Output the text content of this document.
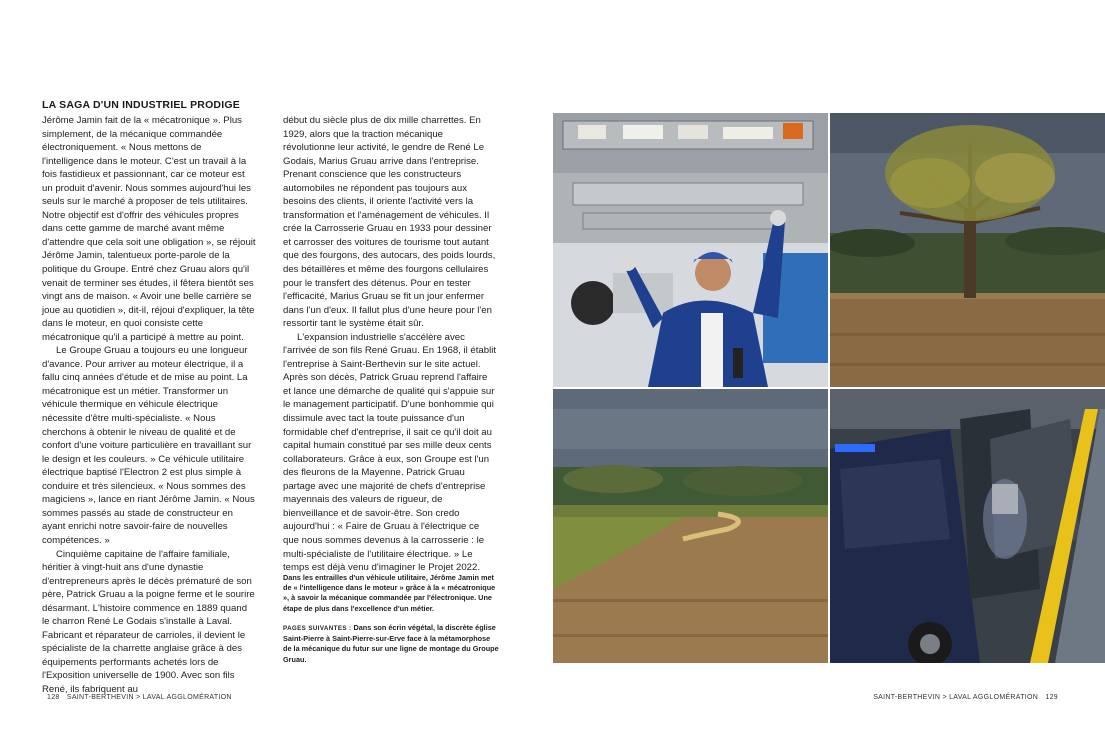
LA SAGA D'UN INDUSTRIEL PRODIGE

Jérôme Jamin fait de la « mécatronique ». Plus simplement, de la mécanique commandée électroniquement. « Nous mettons de l'intelligence dans le moteur. C'est un travail à la fois fastidieux et passionnant, car ce moteur est un produit d'avenir. Nous sommes aujourd'hui les seuls sur le marché à proposer de tels utilitaires. Notre objectif est d'offrir des véhicules propres dans cette gamme de marché avant même d'attendre que cela soit une obligation », se réjouit Jérôme Jamin, talentueux porte-parole de la politique du Groupe. Entré chez Gruau alors qu'il venait de terminer ses études, il fêtera bientôt ses vingt ans de maison. « Avoir une belle carrière se joue au quotidien », dit-il, réjoui d'expliquer, la tête dans le moteur, en quoi consiste cette mécatronique qu'il a participé à mettre au point.

Le Groupe Gruau a toujours eu une longueur d'avance. Pour arriver au moteur électrique, il a fallu cinq années d'étude et de mise au point. La mécatronique est un métier. Transformer un véhicule thermique en véhicule électrique nécessite d'être multi-spécialiste. « Nous cherchons à obtenir le niveau de qualité et de confort d'une voiture particulière en travaillant sur le design et les couleurs. » Ce véhicule utilitaire électrique baptisé l'Electron 2 est plus simple à conduire et très silencieux. « Nous sommes des magiciens », lance en riant Jérôme Jamin. « Nous sommes passés au stade de constructeur en ayant enrichi notre savoir-faire de nouvelles compétences. »

Cinquième capitaine de l'affaire familiale, héritier à vingt-huit ans d'une dynastie d'entrepreneurs après le décès prématuré de son père, Patrick Gruau a la poigne ferme et le sourire désarmant. L'histoire commence en 1889 quand le charron René Le Godais s'installe à Laval. Fabricant et réparateur de carrioles, il devient le spécialiste de la charrette anglaise grâce à des équipements performants achetés lors de l'Exposition universelle de 1900. Avec son fils René, ils fabriquent au

début du siècle plus de dix mille charrettes. En 1929, alors que la traction mécanique révolutionne leur activité, le gendre de René Le Godais, Marius Gruau arrive dans l'entreprise. Prenant conscience que les constructeurs automobiles ne répondent pas toujours aux besoins des clients, il oriente l'activité vers la transformation et l'aménagement de véhicules. Il crée la Carrosserie Gruau en 1933 pour dessiner et carrosser des voitures de tourisme tout autant que des fourgons, des autocars, des poids lourds, des bétaillères et même des fourgons cellulaires pour le transfert des détenus. Pour en tester l'efficacité, Marius Gruau se fit un jour enfermer dans l'un d'eux. Il fallut plus d'une heure pour l'en ressortir tant le système était sûr.

L'expansion industrielle s'accélère avec l'arrivée de son fils René Gruau. En 1968, il établit l'entreprise à Saint-Berthevin sur le site actuel. Après son décès, Patrick Gruau reprend l'affaire et lance une démarche de qualité qui s'appuie sur le management participatif. D'une bonhommie qui dissimule avec tact la toute puissance d'un formidable chef d'entreprise, il sait ce qu'il doit au capital humain constitué par ses mille deux cents collaborateurs. Grâce à eux, son Groupe est l'un des fleurons de la Mayenne. Patrick Gruau partage avec une majorité de chefs d'entreprise mayennais des valeurs de rigueur, de bienveillance et de savoir-être. Son credo aujourd'hui : « Faire de Gruau à l'électrique ce que nous sommes devenus à la carrosserie : le multi-spécialiste de l'utilitaire électrique. » Le temps est déjà venu d'imaginer le Projet 2022.

Dans les entrailles d'un véhicule utilitaire, Jérôme Jamin met de « l'intelligence dans le moteur » grâce à la « mécatronique », à savoir la mécanique commandée par l'électronique. Une étape de plus dans l'excellence d'un métier.

PAGES SUIVANTES : Dans son écrin végétal, la discrète église Saint-Pierre à Saint-Pierre-sur-Erve face à la métamorphose de la mécanique du futur sur une ligne de montage du Groupe Gruau.

128 SAINT-BERTHEVIN > LAVAL AGGLOMÉRATION	SAINT-BERTHEVIN > LAVAL AGGLOMÉRATION 129
